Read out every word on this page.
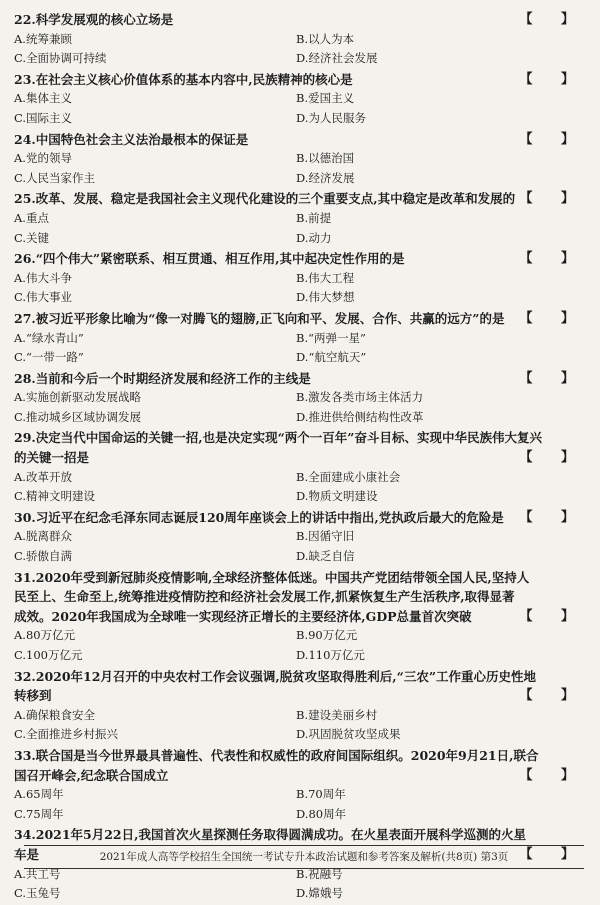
22.科学发展观的核心立场是	【 】
A.统筹兼顾	B.以人为本
C.全面协调可持续	D.经济社会发展
23.在社会主义核心价值体系的基本内容中,民族精神的核心是	【 】
A.集体主义	B.爱国主义
C.国际主义	D.为人民服务
24.中国特色社会主义法治最根本的保证是	【 】
A.党的领导	B.以德治国
C.人民当家作主	D.经济发展
25.改革、发展、稳定是我国社会主义现代化建设的三个重要支点,其中稳定是改革和发展的 【 】
A.重点	B.前提
C.关键	D.动力
26.“四个伟大”紧密联系、相互贯通、相互作用,其中起决定性作用的是	【 】
A.伟大斗争	B.伟大工程
C.伟大事业	D.伟大梦想
27.被习近平形象比喻为“像一对腾飞的翅膀,正飞向和平、发展、合作、共赢的远方”的是	【 】
A.“绿水青山”	B.“两弹一星”
C.“一带一路”	D.“航空航天”
28.当前和今后一个时期经济发展和经济工作的主线是	【 】
A.实施创新驱动发展战略	B.激发各类市场主体活力
C.推动城乡区域协调发展	D.推进供给侧结构性改革
29.决定当代中国命运的关键一招,也是决定实现“两个一百年”奋斗目标、实现中华民族伟大复兴
的关键一招是	【 】
A.改革开放	B.全面建成小康社会
C.精神文明建设	D.物质文明建设
30.习近平在纪念毛泽东同志诞辰120周年座谈会上的讲话中指出,党执政后最大的危险是	【 】
A.脱离群众	B.因循守旧
C.骄傲自满	D.缺乏自信
31.2020年受到新冠肺炎疫情影响,全球经济整体低迷。中国共产党团结带领全国人民,坚持人
民至上、生命至上,统筹推进疫情防控和经济社会发展工作,抓紧恢复生产生活秩序,取得显著
成效。2020年我国成为全球唯一实现经济正增长的主要经济体,GDP总量首次突破	【 】
A.80万亿元	B.90万亿元
C.100万亿元	D.110万亿元
32.2020年12月召开的中央农村工作会议强调,脱贫攻坚取得胜利后,“三农”工作重心历史性地
转移到	【 】
A.确保粮食安全	B.建设美丽乡村
C.全面推进乡村振兴	D.巩固脱贫攻坚成果
33.联合国是当今世界最具普遍性、代表性和权威性的政府间国际组织。2020年9月21日,联合
国召开峰会,纪念联合国成立	【 】
A.65周年	B.70周年
C.75周年	D.80周年
34.2021年5月22日,我国首次火星探测任务取得圆满成功。在火星表面开展科学巡测的火星
车是	【 】
A.共工号	B.祝融号
C.玉兔号	D.嫦娥号
2021年成人高等学校招生全国统一考试专升本政治试题和参考答案及解析(共8页) 第3页
